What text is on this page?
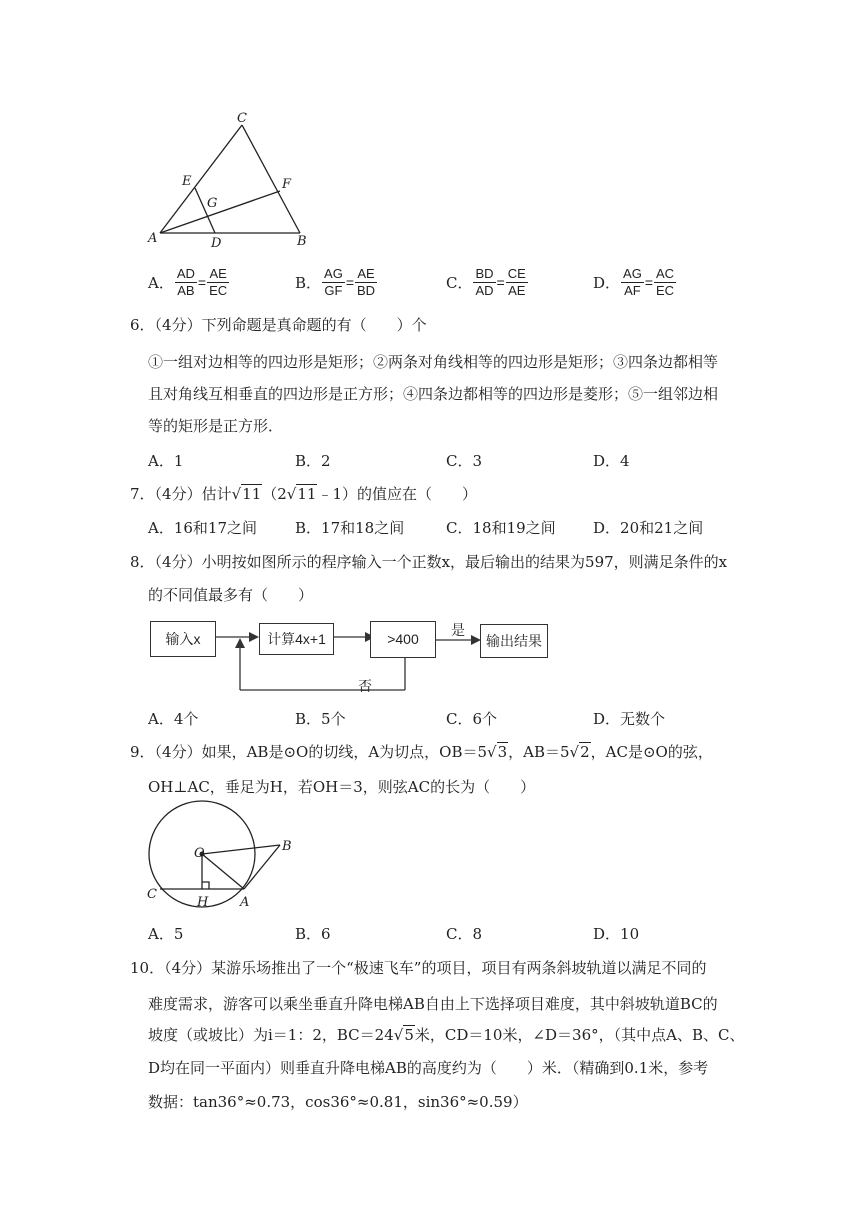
C
E	F
G
A	D	B
A． $\frac{AD}{AB} = \frac{AE}{EC}$	B． $\frac{AG}{GF} = \frac{AE}{BD}$	C． $\frac{BD}{AD} = \frac{CE}{AE}$	D． $\frac{AG}{AF} = \frac{AC}{EC}$
6．（4分）下列命题是真命题的有（　　）个
①一组对边相等的四边形是矩形；②两条对角线相等的四边形是矩形；③四条边都相等
且对角线互相垂直的四边形是正方形；④四条边都相等的四边形是菱形；⑤一组邻边相
等的矩形是正方形．
A．1	B．2	C．3	D．4
7．（4分）估计√11（2√11﹣1）的值应在（　　）
A．16和17之间	B．17和18之间	C．18和19之间 D．20和21之间
8．（4分）小明按如图所示的程序输入一个正数x，最后输出的结果为597，则满足条件的x
的不同值最多有（　　）
输入x	计算4x+1	>400	输出结果
是
否
A．4个	B．5个	C．6个	D．无数个
9．（4分）如果，AB是⊙O的切线，A为切点，OB＝5√3，AB＝5√2，AC是⊙O的弦，
OH⊥AC，垂足为H，若OH＝3，则弦AC的长为（　　）
O	B
C
H A
A．5	B．6	C．8	D．10
10．（4分）某游乐场推出了一个“极速飞车”的项目，项目有两条斜坡轨道以满足不同的
难度需求，游客可以乘坐垂直升降电梯AB自由上下选择项目难度，其中斜坡轨道BC的
坡度（或坡比）为i＝1：2，BC＝24√5米，CD＝10米，∠D＝36°，（其中点A、B、C、
D均在同一平面内）则垂直升降电梯AB的高度约为（　　）米．（精确到0.1米，参考
数据：tan36°≈0.73，cos36°≈0.81，sin36°≈0.59）
